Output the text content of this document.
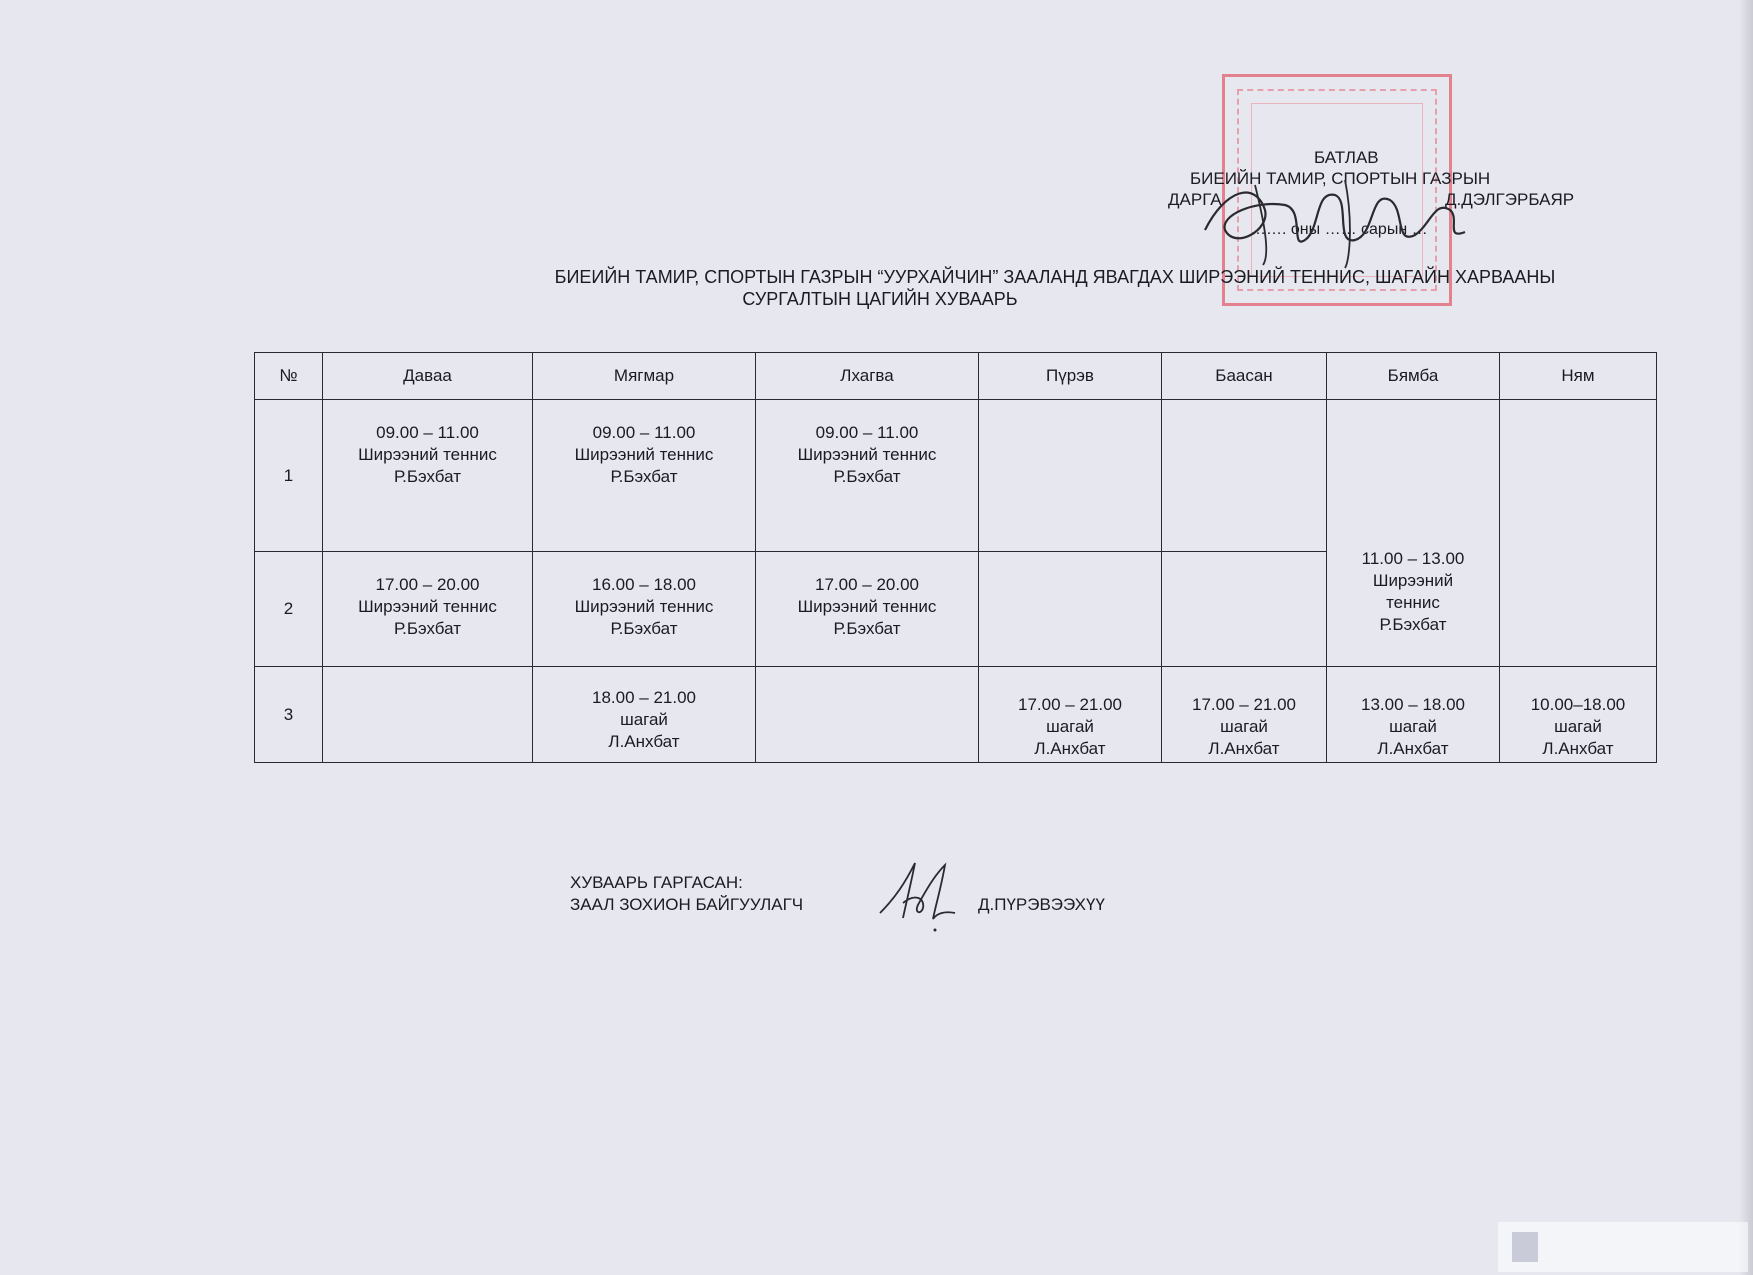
БАТЛАВ
БИЕИЙН ТАМИР, СПОРТЫН ГАЗРЫН
ДАРГА	Д.ДЭЛГЭРБАЯР
……. оны …… сарын …
БИЕИЙН ТАМИР, СПОРТЫН ГАЗРЫН “УУРХАЙЧИН” ЗААЛАНД ЯВАГДАХ ШИРЭЭНИЙ ТЕННИС, ШАГАЙН ХАРВААНЫ
СУРГАЛТЫН ЦАГИЙН ХУВААРЬ
№	Даваа	Мягмар	Лхагва	Пүрэв	Баасан	Бямба	Ням
1	09.00 – 11.00
Ширээний теннис
Р.Бэхбат	09.00 – 11.00
Ширээний теннис
Р.Бэхбат	09.00 – 11.00
Ширээний теннис
Р.Бэхбат			11.00 – 13.00
Ширээний
теннис
Р.Бэхбат	

2	17.00 – 20.00
Ширээний теннис
Р.Бэхбат	16.00 – 18.00
Ширээний теннис
Р.Бэхбат	17.00 – 20.00
Ширээний теннис
Р.Бэхбат				

3		18.00 – 21.00
шагай
Л.Анхбат		17.00 – 21.00
шагай
Л.Анхбат	17.00 – 21.00
шагай
Л.Анхбат	13.00 – 18.00
шагай
Л.Анхбат	10.00–18.00
шагай
Л.Анхбат
ХУВААРЬ ГАРГАСАН:
ЗААЛ ЗОХИОН БАЙГУУЛАГЧ	Д.ПҮРЭВЭЭХҮҮ
